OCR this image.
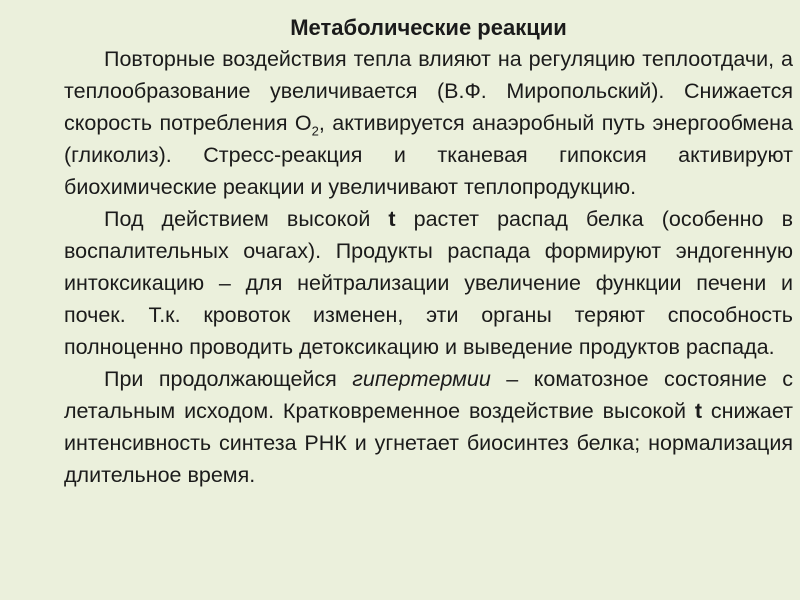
Метаболические реакции

Повторные воздействия тепла влияют на регуляцию теплоотдачи, а теплообразование увеличивается (В.Ф. Миропольский). Снижается скорость потребления $O_2$, активируется анаэробный путь энергообмена (гликолиз). Стресс-реакция и тканевая гипоксия активируют биохимические реакции и увеличивают теплопродукцию.

Под действием высокой t растет распад белка (особенно в воспалительных очагах). Продукты распада формируют эндогенную интоксикацию – для нейтрализации увеличение функции печени и почек. Т.к. кровоток изменен, эти органы теряют способность полноценно проводить детоксикацию и выведение продуктов распада.

При продолжающейся гипертермии – коматозное состояние с летальным исходом. Кратковременное воздействие высокой t снижает интенсивность синтеза РНК и угнетает биосинтез белка; нормализация длительное время.
